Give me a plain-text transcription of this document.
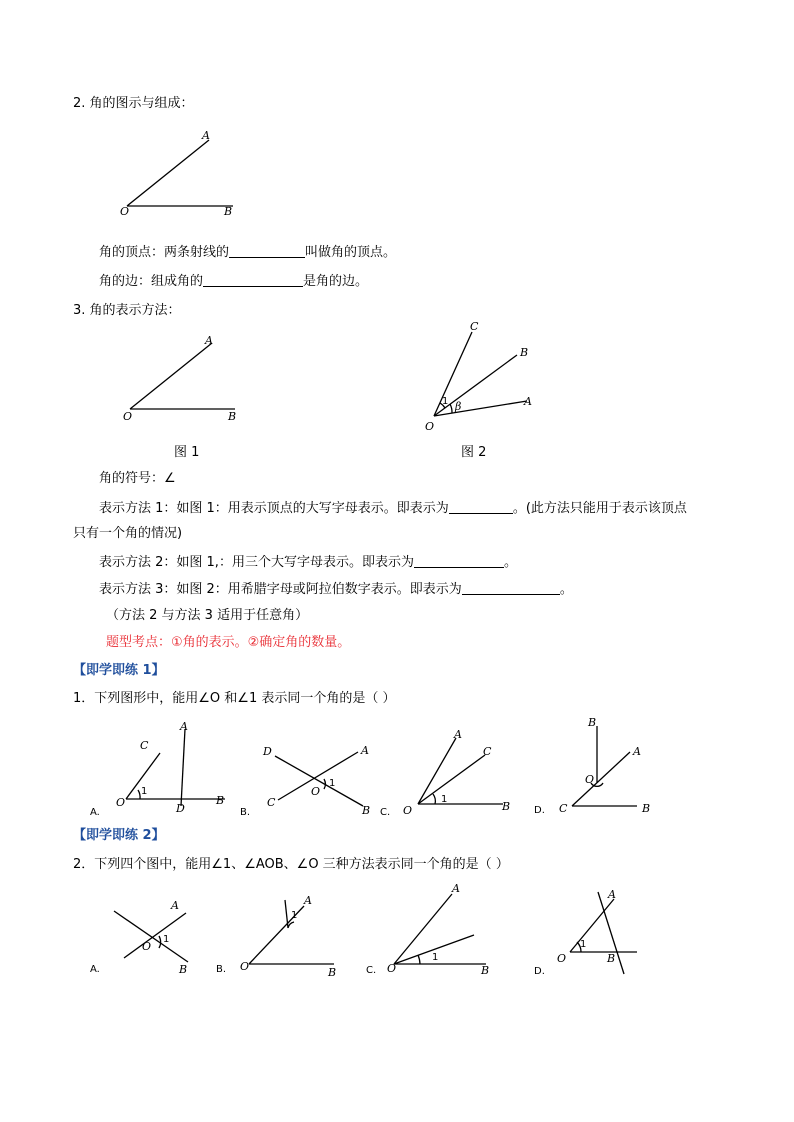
2. 角的图示与组成：
A
O	B
角的顶点：两条射线的	叫做角的顶点。
角的边：组成角的	是角的边。
3. 角的表示方法：
A
O	B
C
B
A
O
1 β
图 1	图 2
角的符号：∠
表示方法 1：如图 1：用表示顶点的大写字母表示。即表示为	。(此方法只能用于表示该顶点
只有一个角的情况)
表示方法 2：如图 1,：用三个大写字母表示。即表示为	。
表示方法 3：如图 2：用希腊字母或阿拉伯数字表示。即表示为	。
（方法 2 与方法 3 适用于任意角）
题型考点：①角的表示。②确定角的数量。
【即学即练 1】
1．下列图形中，能用∠O 和∠1 表示同一个角的是（ ）
A
C
O
1
D
B
A.
D	A
1
O
C
B
B.
A
C
1
O	B
C.
B
A
O
C	B
D.
【即学即练 2】
2．下列四个图中，能用∠1、∠AOB、∠O 三种方法表示同一个角的是（ ）
A
1
O
B
A.
A
1
O	B
B.
A
1
O	B
C.
A
1
O	B
D.
